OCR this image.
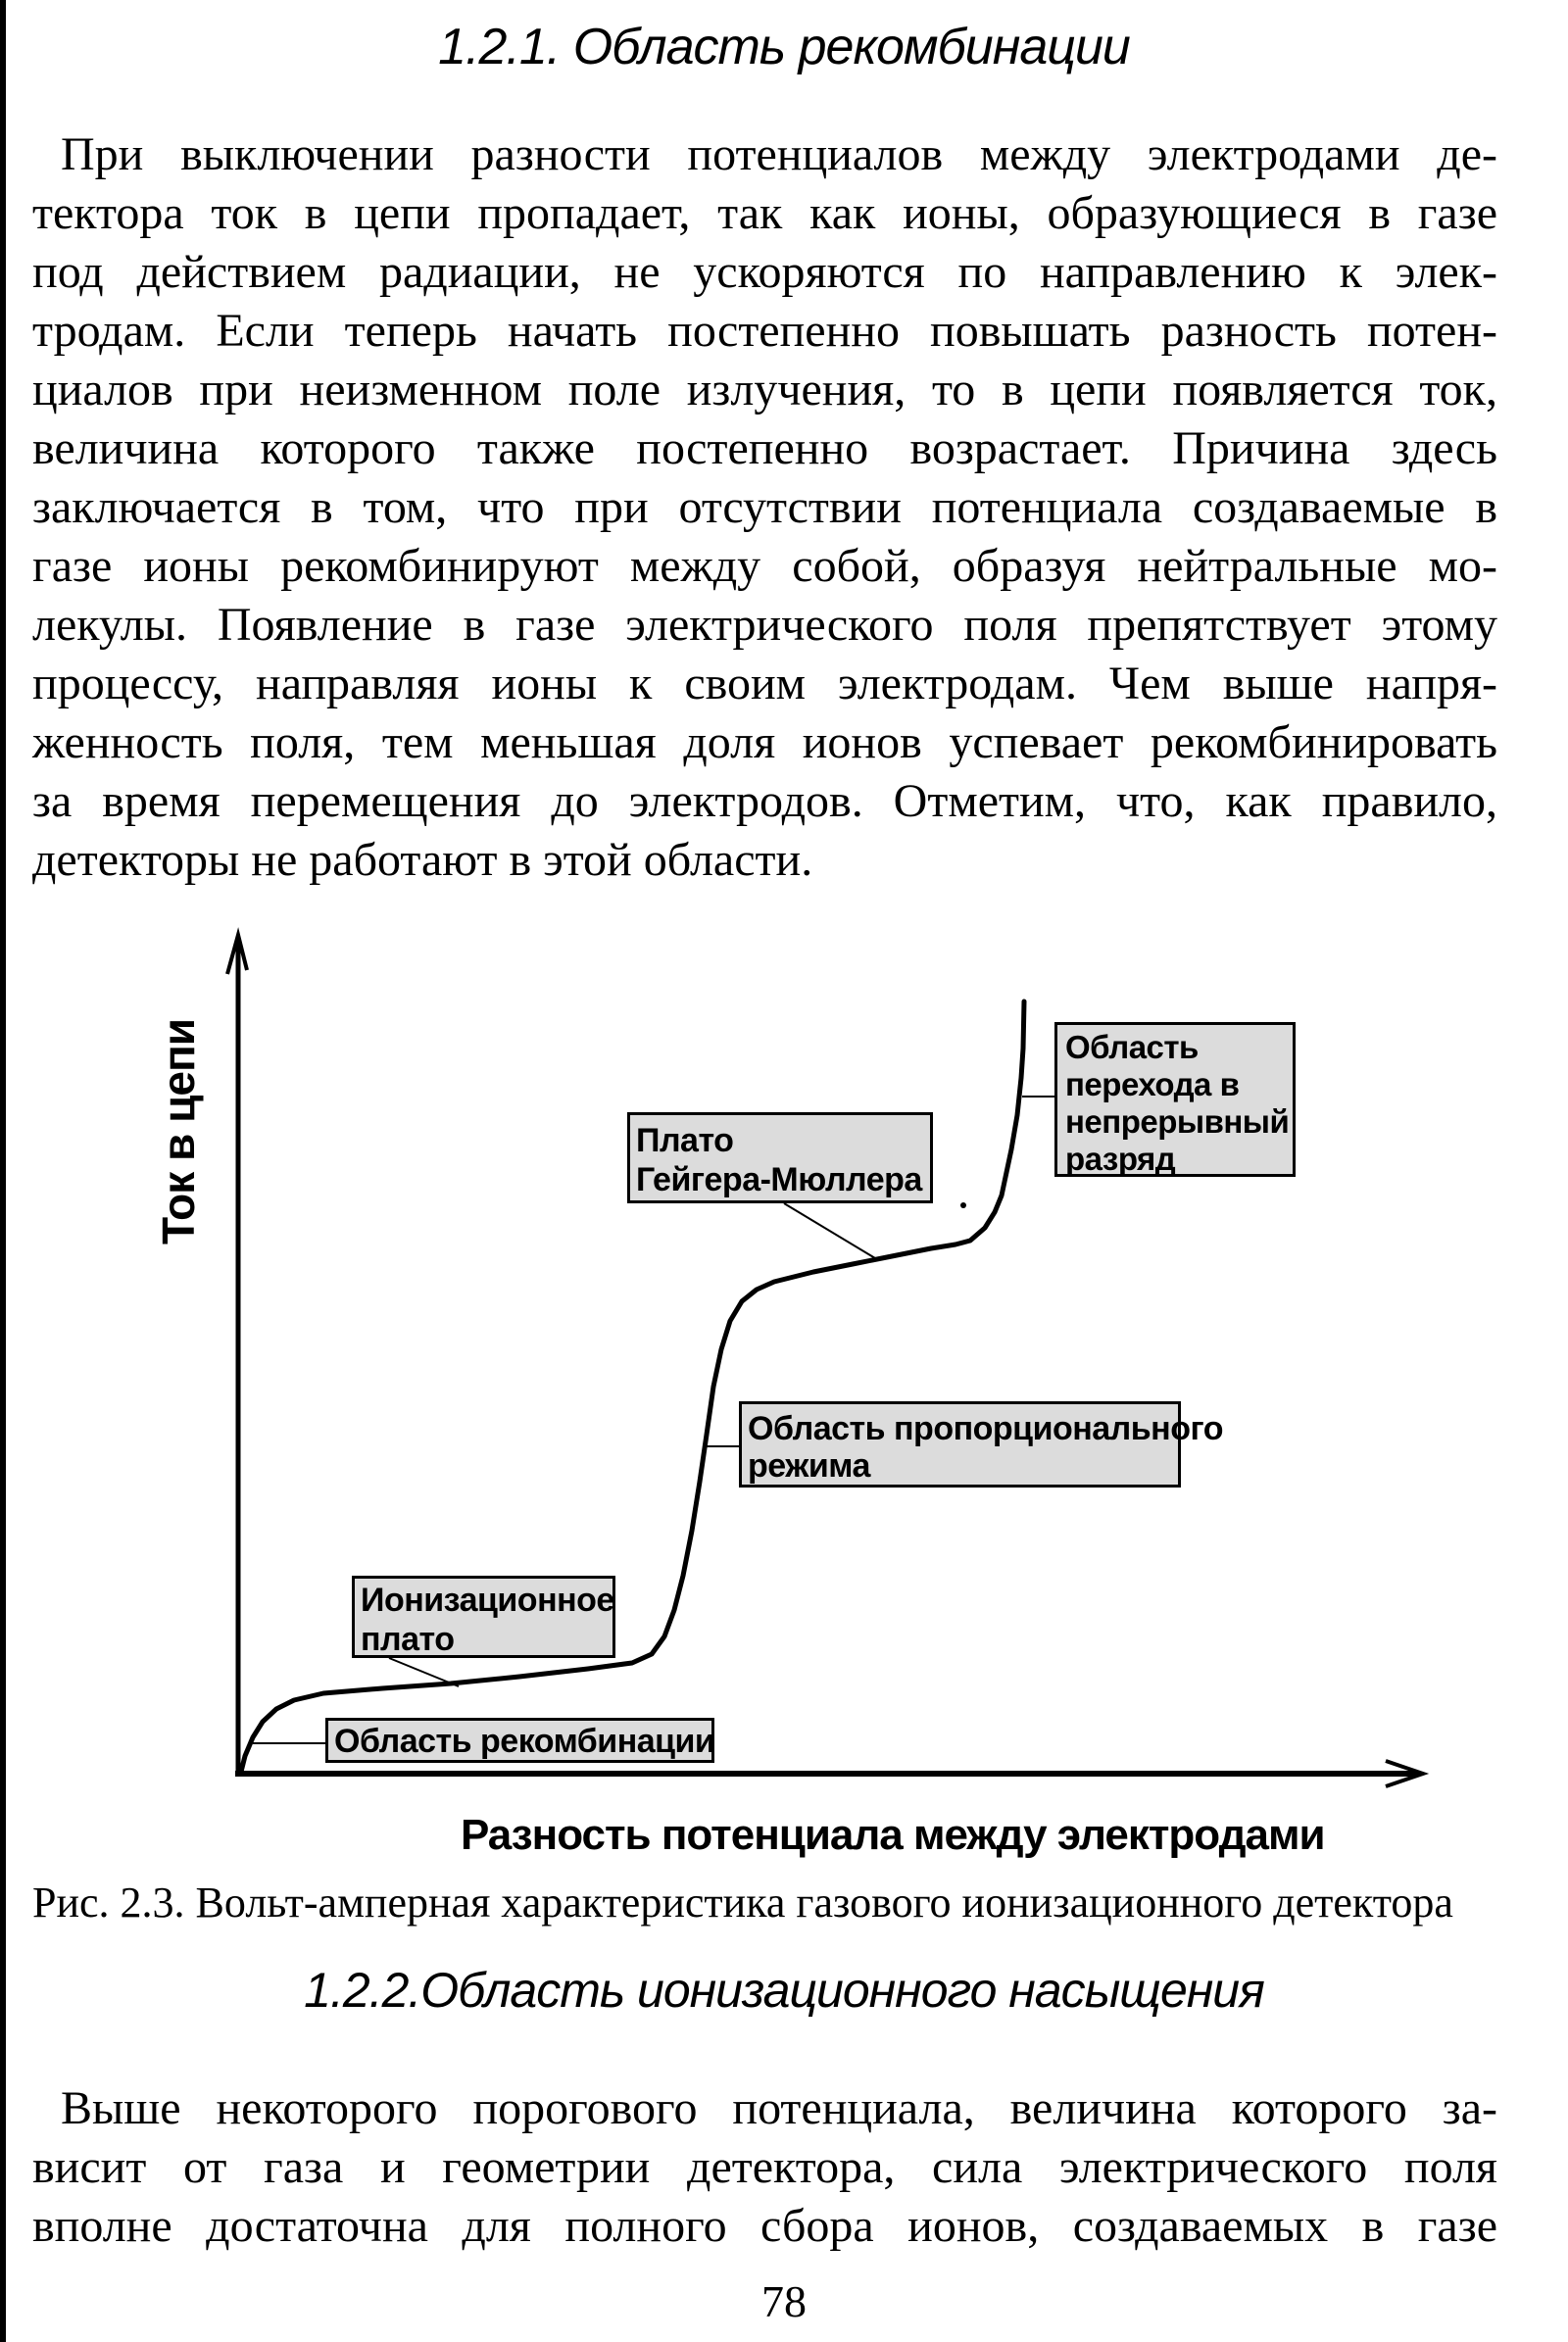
1.2.1. Область рекомбинации
При выключении разности потенциалов между электродами де-
тектора ток в цепи пропадает, так как ионы, образующиеся в газе
под действием радиации, не ускоряются по направлению к элек-
тродам. Если теперь начать постепенно повышать разность потен-
циалов при неизменном поле излучения, то в цепи появляется ток,
величина которого также постепенно возрастает. Причина здесь
заключается в том, что при отсутствии потенциала создаваемые в
газе ионы рекомбинируют между собой, образуя нейтральные мо-
лекулы. Появление в газе электрического поля препятствует этому
процессу, направляя ионы к своим электродам. Чем выше напря-
женность поля, тем меньшая доля ионов успевает рекомбинировать
за время перемещения до электродов. Отметим, что, как правило,
детекторы не работают в этой области.
Ток в цепи
Разность потенциала между электродами
Область рекомбинации
Ионизационное
плато
Область пропорционального
режима
Плато
Гейгера-Мюллера
Область
перехода в
непрерывный
разряд
Рис. 2.3. Вольт-амперная характеристика газового ионизационного детектора
1.2.2.Область ионизационного насыщения
Выше некоторого порогового потенциала, величина которого за-
висит от газа и геометрии детектора, сила электрического поля
вполне достаточна для полного сбора ионов, создаваемых в газе
78
